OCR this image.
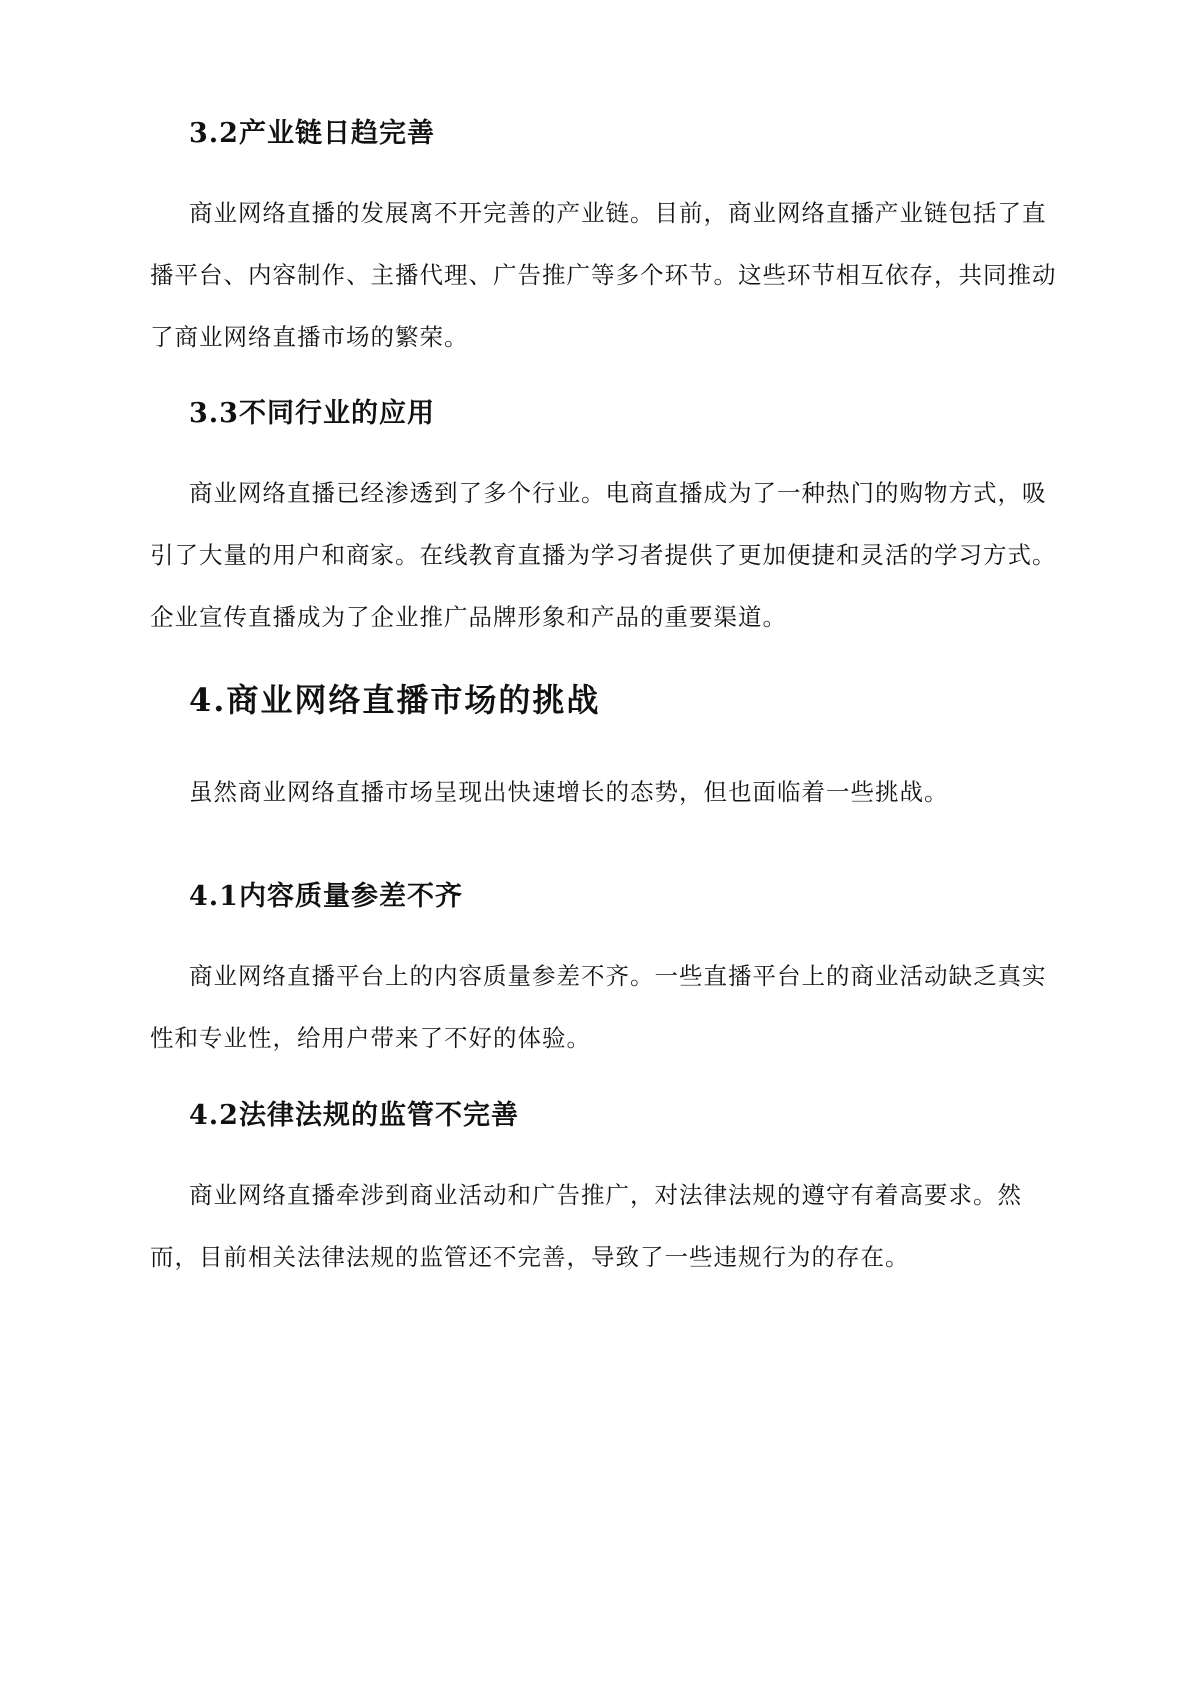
3.2产业链日趋完善

商业网络直播的发展离不开完善的产业链。目前，商业网络直播产业链包括了直播平台、内容制作、主播代理、广告推广等多个环节。这些环节相互依存，共同推动了商业网络直播市场的繁荣。

3.3不同行业的应用

商业网络直播已经渗透到了多个行业。电商直播成为了一种热门的购物方式，吸引了大量的用户和商家。在线教育直播为学习者提供了更加便捷和灵活的学习方式。企业宣传直播成为了企业推广品牌形象和产品的重要渠道。

4.商业网络直播市场的挑战

虽然商业网络直播市场呈现出快速增长的态势，但也面临着一些挑战。

4.1内容质量参差不齐

商业网络直播平台上的内容质量参差不齐。一些直播平台上的商业活动缺乏真实性和专业性，给用户带来了不好的体验。

4.2法律法规的监管不完善

商业网络直播牵涉到商业活动和广告推广，对法律法规的遵守有着高要求。然而，目前相关法律法规的监管还不完善，导致了一些违规行为的存在。
